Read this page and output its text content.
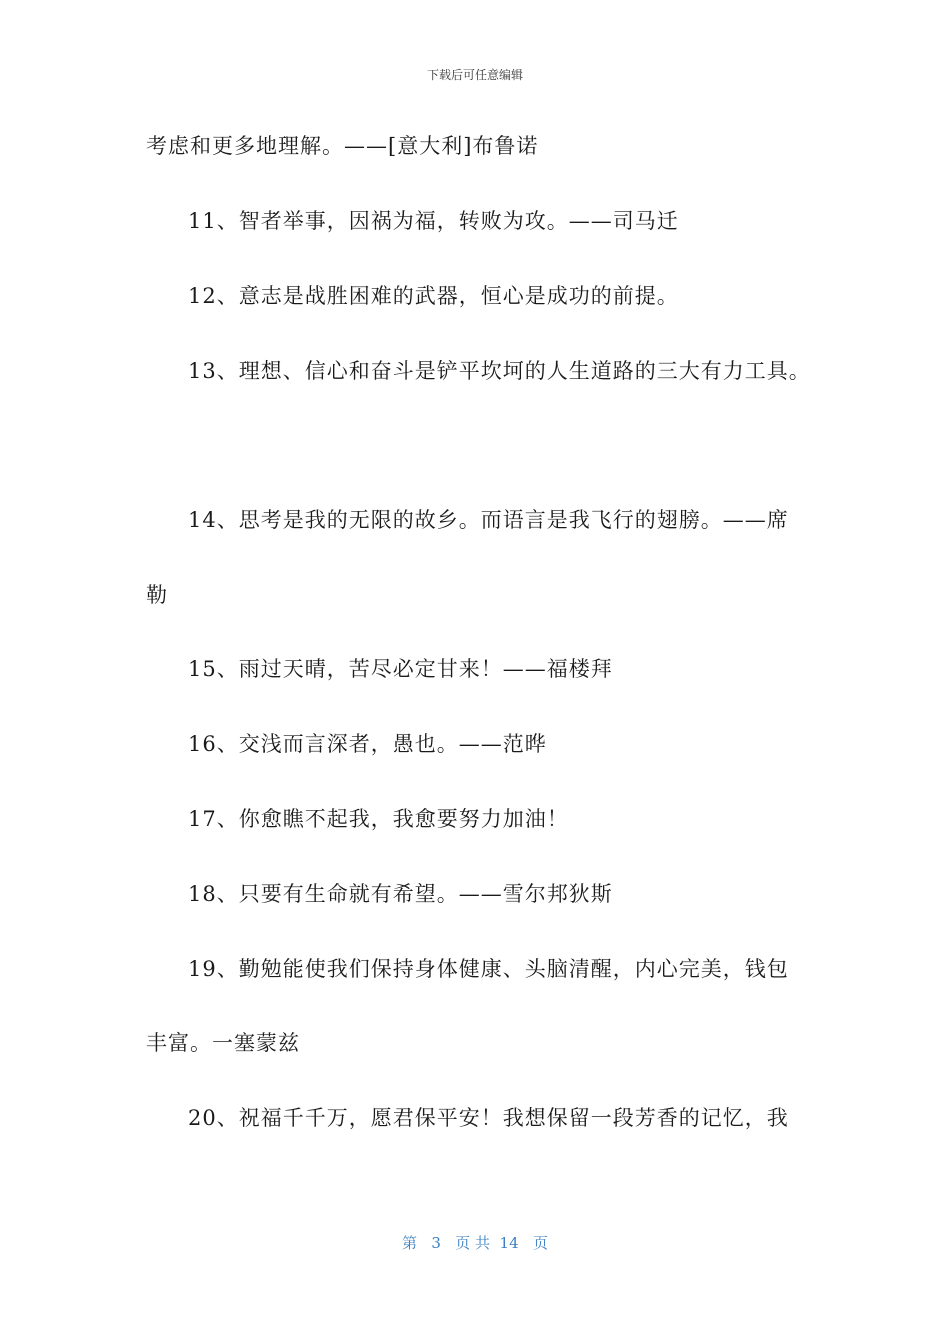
下载后可任意编辑
考虑和更多地理解。——[意大利]布鲁诺
11、智者举事，因祸为福，转败为攻。——司马迁
12、意志是战胜困难的武器，恒心是成功的前提。
13、理想、信心和奋斗是铲平坎坷的人生道路的三大有力工具。
14、思考是我的无限的故乡。而语言是我飞行的翅膀。——席
勒
15、雨过天晴，苦尽必定甘来！——福楼拜
16、交浅而言深者，愚也。——范晔
17、你愈瞧不起我，我愈要努力加油！
18、只要有生命就有希望。——雪尔邦狄斯
19、勤勉能使我们保持身体健康、头脑清醒，内心完美，钱包
丰富。一塞蒙兹
20、祝福千千万，愿君保平安！我想保留一段芳香的记忆，我
第 3 页 共 14 页
